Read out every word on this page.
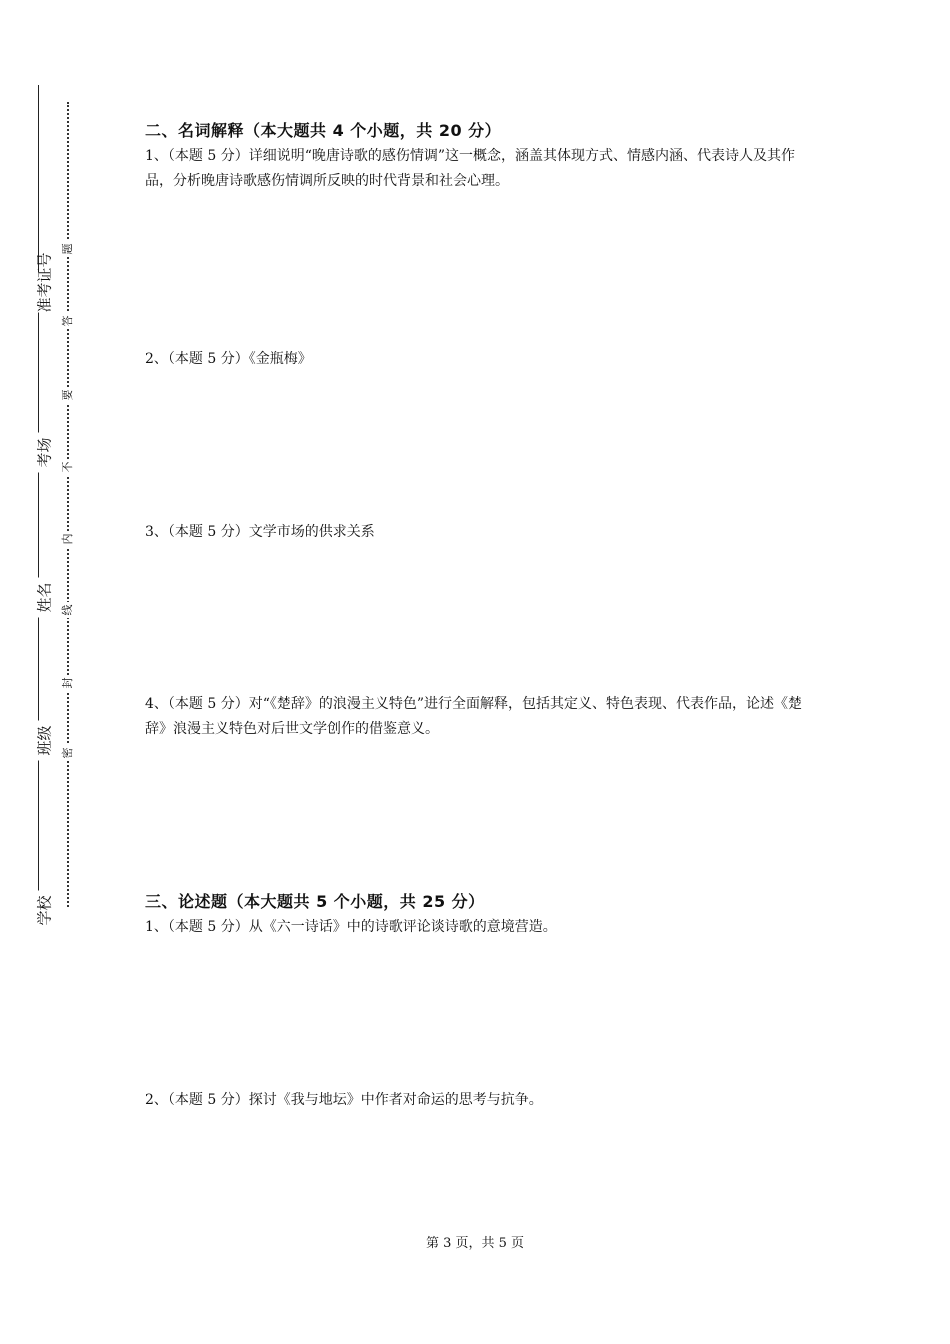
准考证号
考场
姓名
班级
学校
题
答
要
不
内
线
封
密

二、名词解释（本大题共 4 个小题，共 20 分）

1、（本题 5 分）详细说明“晚唐诗歌的感伤情调”这一概念，涵盖其体现方式、情感内涵、代表诗人及其作品，分析晚唐诗歌感伤情调所反映的时代背景和社会心理。

2、（本题 5 分）《金瓶梅》

3、（本题 5 分）文学市场的供求关系

4、（本题 5 分）对“《楚辞》的浪漫主义特色”进行全面解释，包括其定义、特色表现、代表作品，论述《楚辞》浪漫主义特色对后世文学创作的借鉴意义。

三、论述题（本大题共 5 个小题，共 25 分）

1、（本题 5 分）从《六一诗话》中的诗歌评论谈诗歌的意境营造。

2、（本题 5 分）探讨《我与地坛》中作者对命运的思考与抗争。

第 3 页，共 5 页
